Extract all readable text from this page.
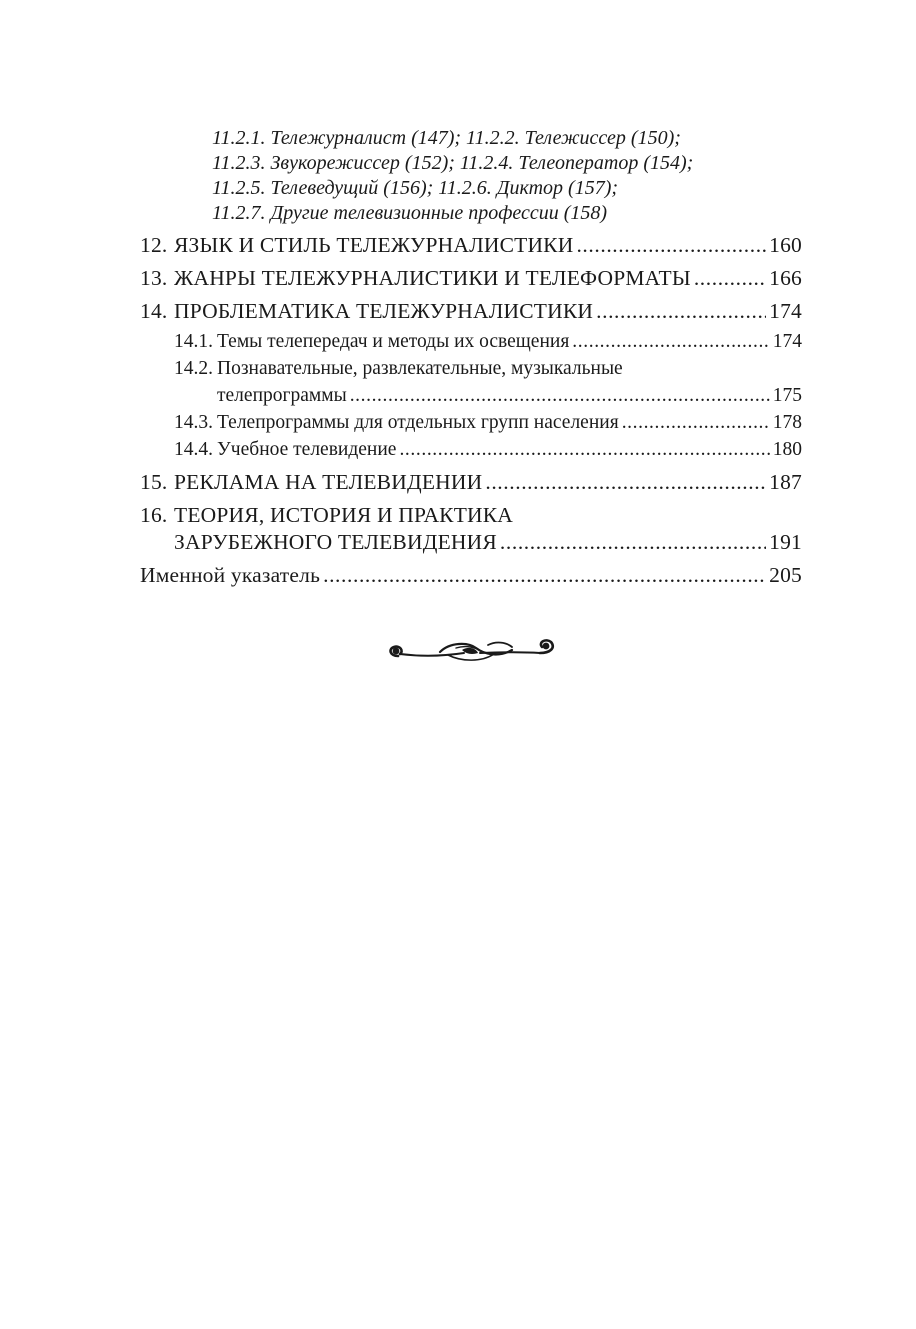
11.2.1. Тележурналист (147); 11.2.2. Тележиссер (150);
11.2.3. Звукорежиссер (152); 11.2.4. Телеоператор (154);
11.2.5. Телеведущий (156); 11.2.6. Диктор (157);
11.2.7. Другие телевизионные профессии (158)
12. ЯЗЫК И СТИЛЬ ТЕЛЕЖУРНАЛИСТИКИ .....	160
13. ЖАНРЫ ТЕЛЕЖУРНАЛИСТИКИ И ТЕЛЕФОРМАТЫ .....	166
14. ПРОБЛЕМАТИКА ТЕЛЕЖУРНАЛИСТИКИ .....	174
14.1. Темы телепередач и методы их освещения .....	174
14.2. Познавательные, развлекательные, музыкальные
телепрограммы .....	175
14.3. Телепрограммы для отдельных групп населения .....	178
14.4. Учебное телевидение .....	180
15. РЕКЛАМА НА ТЕЛЕВИДЕНИИ .....	187
16. ТЕОРИЯ, ИСТОРИЯ И ПРАКТИКА
ЗАРУБЕЖНОГО ТЕЛЕВИДЕНИЯ .....	191
Именной указатель .....	205
